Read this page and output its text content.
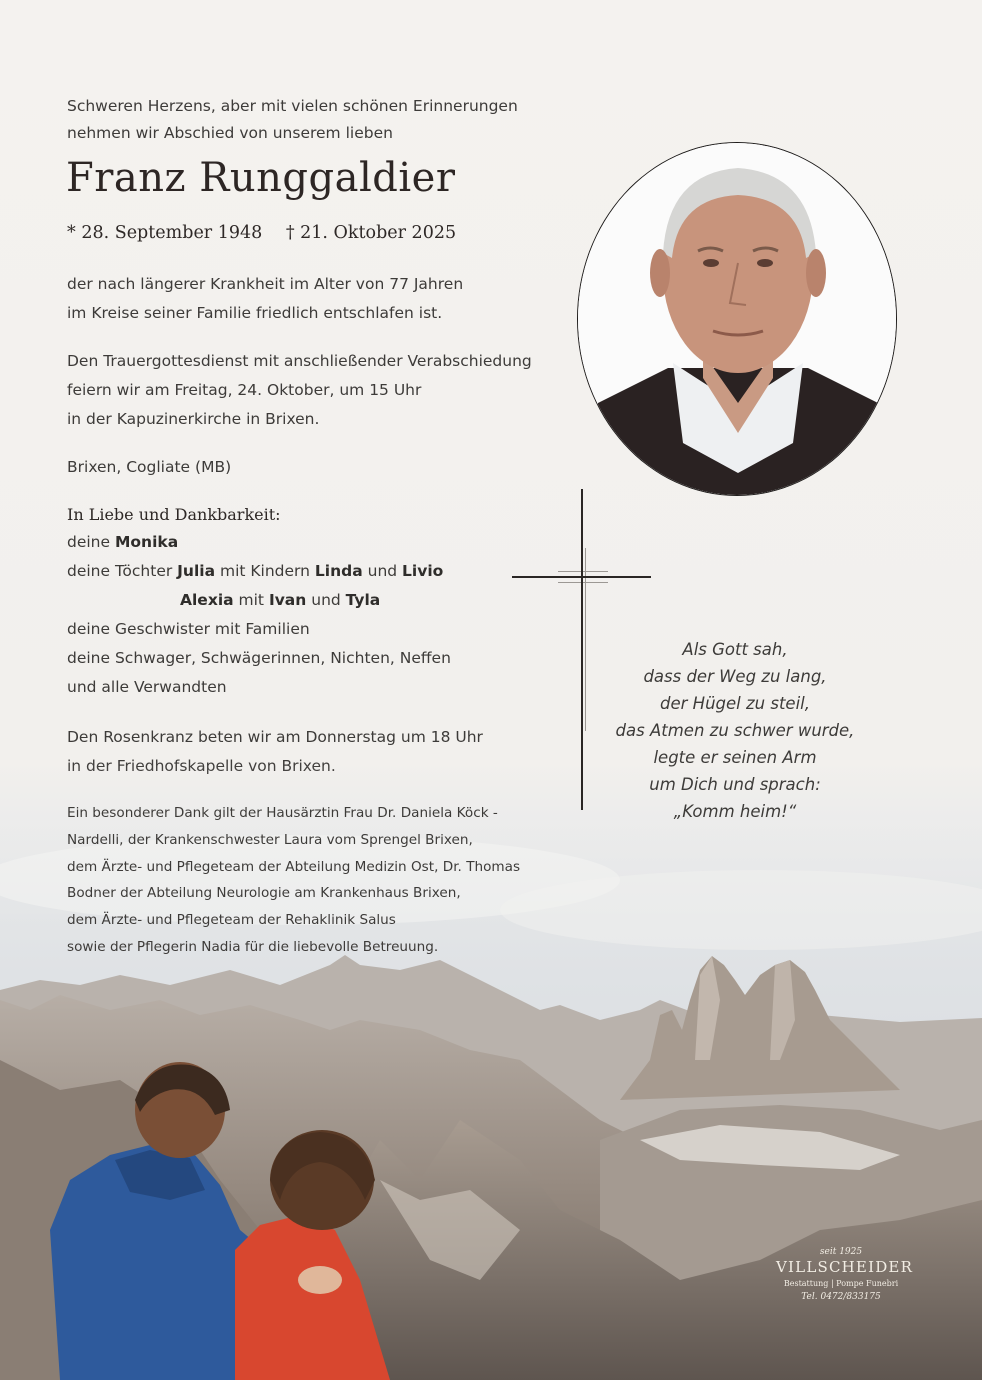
Schweren Herzens, aber mit vielen schönen Erinnerungen
nehmen wir Abschied von unserem lieben
Franz Runggaldier
* 28. September 1948 † 21. Oktober 2025
der nach längerer Krankheit im Alter von 77 Jahren
im Kreise seiner Familie friedlich entschlafen ist.
Den Trauergottesdienst mit anschließender Verabschiedung
feiern wir am Freitag, 24. Oktober, um 15 Uhr
in der Kapuzinerkirche in Brixen.
Brixen, Cogliate (MB)
In Liebe und Dankbarkeit:
deine Monika
deine Töchter Julia mit Kindern Linda und Livio
Alexia mit Ivan und Tyla
deine Geschwister mit Familien
deine Schwager, Schwägerinnen, Nichten, Neffen
und alle Verwandten
Den Rosenkranz beten wir am Donnerstag um 18 Uhr
Ein besonderer Dank gilt der Hausärztin Frau Dr. Daniela Köck -
Nardelli, der Krankenschwester Laura vom Sprengel Brixen,
dem Ärzte- und Pflegeteam der Abteilung Medizin Ost, Dr. Thomas
Bodner der Abteilung Neurologie am Krankenhaus Brixen,
dem Ärzte- und Pflegeteam der Rehaklinik Salus
sowie der Pflegerin Nadia für die liebevolle Betreuung.
Als Gott sah,
dass der Weg zu lang,
der Hügel zu steil,
das Atmen zu schwer wurde,
legte er seinen Arm
um Dich und sprach:
„Komm heim!“
seit 1925
VILLSCHEIDER
Bestattung | Pompe Funebri
Tel. 0472/833175
